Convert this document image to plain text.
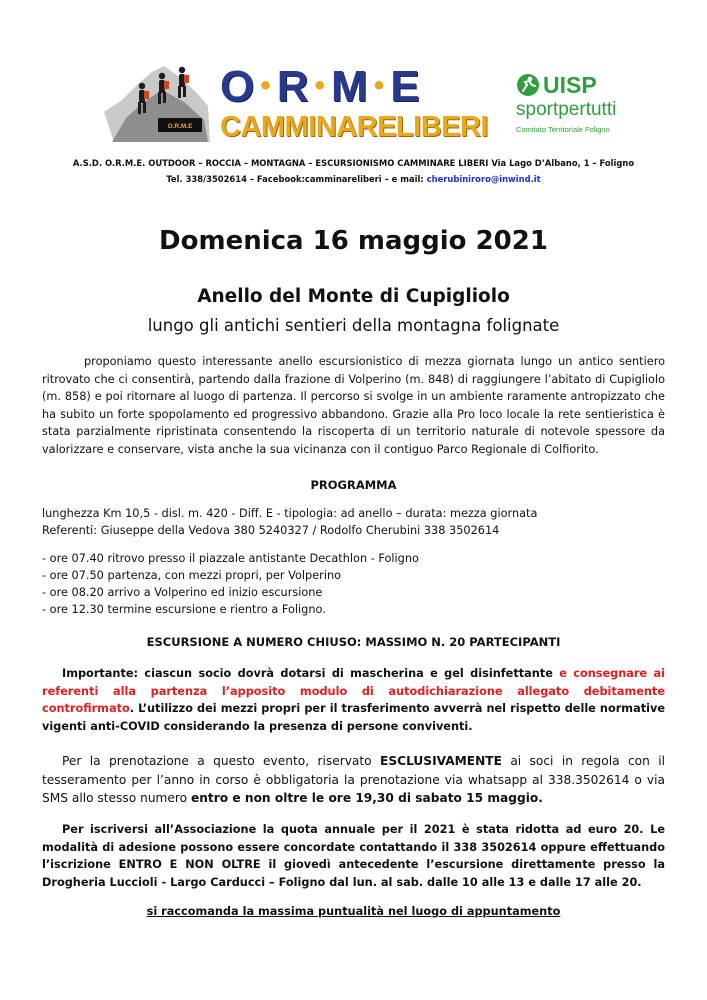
O.R.M.E
O • R • M • E
CAMMINARELIBERI
UISP
sportpertutti
Comitato Territoriale Foligno
A.S.D. O.R.M.E. OUTDOOR – ROCCIA – MONTAGNA – ESCURSIONISMO CAMMINARE LIBERI Via Lago D’Albano, 1 – Foligno
Tel. 338/3502614 – Facebook:camminareliberi – e mail: cherubiniroro@inwind.it
Domenica 16 maggio 2021
Anello del Monte di Cupigliolo
lungo gli antichi sentieri della montagna folignate
proponiamo questo interessante anello escursionistico di mezza giornata lungo un antico sentiero ritrovato che ci consentirà, partendo dalla frazione di Volperino (m. 848) di raggiungere l’abitato di Cupigliolo (m. 858) e poi ritornare al luogo di partenza. Il percorso si svolge in un ambiente raramente antropizzato che ha subito un forte spopolamento ed progressivo abbandono. Grazie alla Pro loco locale la rete sentieristica è stata parzialmente ripristinata consentendo la riscoperta di un territorio naturale di notevole spessore da valorizzare e conservare, vista anche la sua vicinanza con il contiguo Parco Regionale di Colfiorito.
PROGRAMMA
lunghezza Km 10,5 - disl. m. 420 - Diff. E - tipologia: ad anello – durata: mezza giornata
Referenti: Giuseppe della Vedova 380 5240327 / Rodolfo Cherubini 338 3502614
- ore 07.40 ritrovo presso il piazzale antistante Decathlon - Foligno
- ore 07.50 partenza, con mezzi propri, per Volperino
- ore 08.20 arrivo a Volperino ed inizio escursione
- ore 12.30 termine escursione e rientro a Foligno.
ESCURSIONE A NUMERO CHIUSO: MASSIMO N. 20 PARTECIPANTI
Importante: ciascun socio dovrà dotarsi di mascherina e gel disinfettante e consegnare ai referenti alla partenza l’apposito modulo di autodichiarazione allegato debitamente controfirmato. L’utilizzo dei mezzi propri per il trasferimento avverrà nel rispetto delle normative vigenti anti-COVID considerando la presenza di persone conviventi.
Per la prenotazione a questo evento, riservato ESCLUSIVAMENTE ai soci in regola con il tesseramento per l’anno in corso è obbligatoria la prenotazione via whatsapp al 338.3502614 o via SMS allo stesso numero entro e non oltre le ore 19,30 di sabato 15 maggio.
Per iscriversi all’Associazione la quota annuale per il 2021 è stata ridotta ad euro 20. Le modalità di adesione possono essere concordate contattando il 338 3502614 oppure effettuando l’iscrizione ENTRO E NON OLTRE il giovedì antecedente l’escursione direttamente presso la Drogheria Luccioli - Largo Carducci – Foligno dal lun. al sab. dalle 10 alle 13 e dalle 17 alle 20.
si raccomanda la massima puntualità nel luogo di appuntamento
